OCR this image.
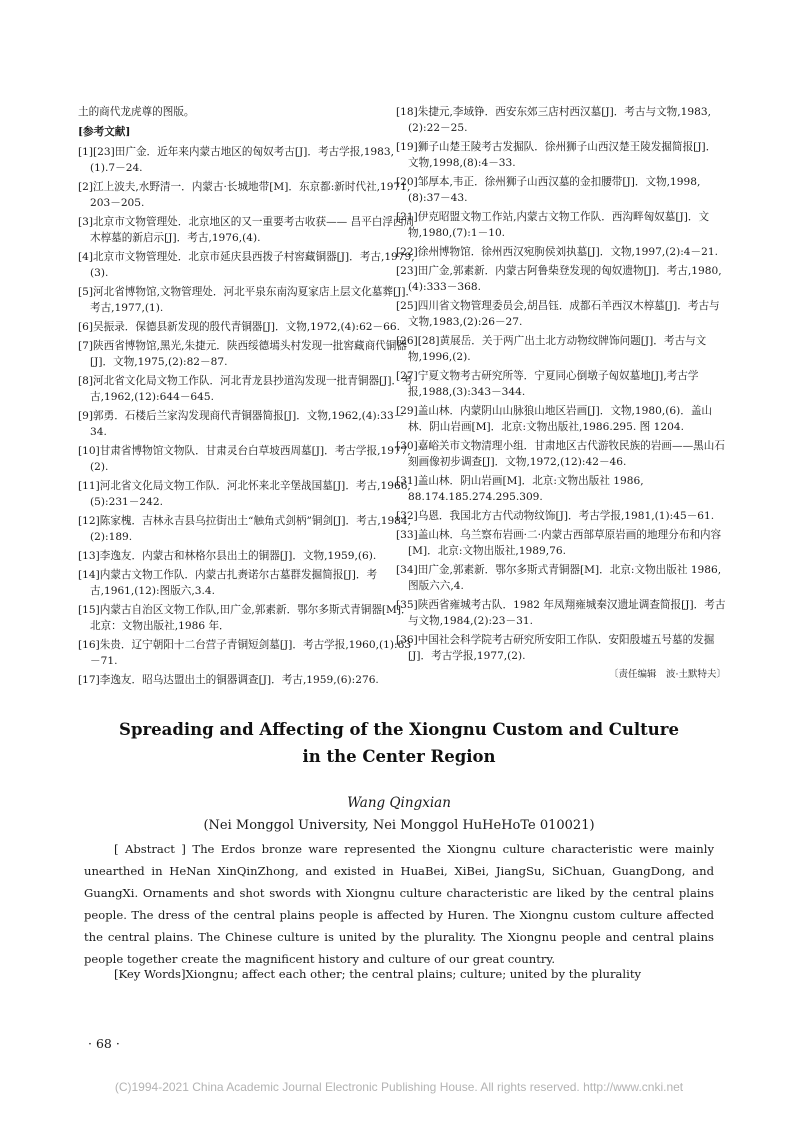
土的商代龙虎尊的图版。

[参考文献]

[1][23]田广金．近年来内蒙古地区的匈奴考古[J]．考古学报,1983,(1).7－24.

[2]江上波夫,水野清一．内蒙古·长城地带[M]．东京都:新时代社,1971, 203－205.

[3]北京市文物管理处．北京地区的又一重要考古收获—— 昌平白浮西周木椁墓的新启示[J]．考古,1976,(4).

[4]北京市文物管理处．北京市延庆县西拨子村窖藏铜器[J]．考古,1979,(3).

[5]河北省博物馆,文物管理处．河北平泉东南沟夏家店上层文化墓葬[J]．考古,1977,(1).

[6]吴振录．保德县新发现的殷代青铜器[J]．文物,1972,(4):62－66.

[7]陕西省博物馆,黑光,朱捷元．陕西绥德墕头村发现一批窖藏商代铜器[J]．文物,1975,(2):82－87.

[8]河北省文化局文物工作队．河北青龙县抄道沟发现一批青铜器[J]．考古,1962,(12):644－645.

[9]郭勇．石楼后兰家沟发现商代青铜器简报[J]．文物,1962,(4):33－34.

[10]甘肃省博物馆文物队．甘肃灵台白草坡西周墓[J]．考古学报,1977,(2).

[11]河北省文化局文物工作队．河北怀来北辛堡战国墓[J]．考古,1966,(5):231－242.

[12]陈家槐．吉林永吉县乌拉街出土“触角式剑柄”铜剑[J]．考古,1984,(2):189.

[13]李逸友．内蒙古和林格尔县出土的铜器[J]．文物,1959,(6).

[14]内蒙古文物工作队．内蒙古扎赉诺尔古墓群发掘简报[J]．考古,1961,(12):图版六,3.4.

[15]内蒙古自治区文物工作队,田广金,郭素新．鄂尔多斯式青铜器[M]．北京：文物出版社,1986 年．

[16]朱贵．辽宁朝阳十二台营子青铜短剑墓[J]．考古学报,1960,(1):63－71.

[17]李逸友．昭乌达盟出土的铜器调查[J]．考古,1959,(6):276.

[18]朱捷元,李域铮．西安东郊三店村西汉墓[J]．考古与文物,1983,(2):22－25.

[19]狮子山楚王陵考古发掘队．徐州狮子山西汉楚王陵发掘简报[J]．文物,1998,(8):4－33.

[20]邹厚本,韦正．徐州狮子山西汉墓的金扣腰带[J]．文物,1998,(8):37－43.

[21]伊克昭盟文物工作站,内蒙古文物工作队．西沟畔匈奴墓[J]．文物,1980,(7):1－10.

[22]徐州博物馆．徐州西汉宛朐侯刘执墓[J]．文物,1997,(2):4－21.

[23]田广金,郭素新．内蒙古阿鲁柴登发现的匈奴遗物[J]．考古,1980,(4):333－368.

[25]四川省文物管理委员会,胡昌钰．成都石羊西汉木椁墓[J]．考古与文物,1983,(2):26－27.

[26][28]黄展岳．关于两广出土北方动物纹牌饰问题[J]．考古与文物,1996,(2).

[27]宁夏文物考古研究所等．宁夏同心倒墩子匈奴墓地[J],考古学报,1988,(3):343－344.

[29]盖山林．内蒙阴山山脉狼山地区岩画[J]．文物,1980,(6)．盖山林．阴山岩画[M]．北京:文物出版社,1986.295. 图 1204.

[30]嘉峪关市文物清理小组．甘肃地区古代游牧民族的岩画——黑山石刻画像初步调查[J]．文物,1972,(12):42－46.

[31]盖山林．阴山岩画[M]．北京:文物出版社 1986, 88.174.185.274.295.309.

[32]乌恩．我国北方古代动物纹饰[J]．考古学报,1981,(1):45－61.

[33]盖山林．乌兰察布岩画·二·内蒙古西部草原岩画的地理分布和内容[M]．北京:文物出版社,1989,76.

[34]田广金,郭素新．鄂尔多斯式青铜器[M]．北京:文物出版社 1986,图版六六,4.

[35]陕西省雍城考古队．1982 年凤翔雍城秦汉遗址调查简报[J]．考古与文物,1984,(2):23－31.

[36]中国社会科学院考古研究所安阳工作队．安阳殷墟五号墓的发掘[J]．考古学报,1977,(2).

〔责任编辑　波·土默特夫〕
Spreading and Affecting of the Xiongnu Custom and Culture
in the Center Region
Wang Qingxian
(Nei Monggol University, Nei Monggol HuHeHoTe 010021)

[ Abstract ] The Erdos bronze ware represented the Xiongnu culture characteristic were mainly unearthed in HeNan XinQinZhong, and existed in HuaBei, XiBei, JiangSu, SiChuan, GuangDong, and GuangXi. Ornaments and shot swords with Xiongnu culture characteristic are liked by the central plains people. The dress of the central plains people is affected by Huren. The Xiongnu custom culture affected the central plains. The Chinese culture is united by the plurality. The Xiongnu people and central plains people together create the magnificent history and culture of our great country.

[Key Words]Xiongnu; affect each other; the central plains; culture; united by the plurality
· 68 ·
(C)1994-2021 China Academic Journal Electronic Publishing House. All rights reserved. http://www.cnki.net
